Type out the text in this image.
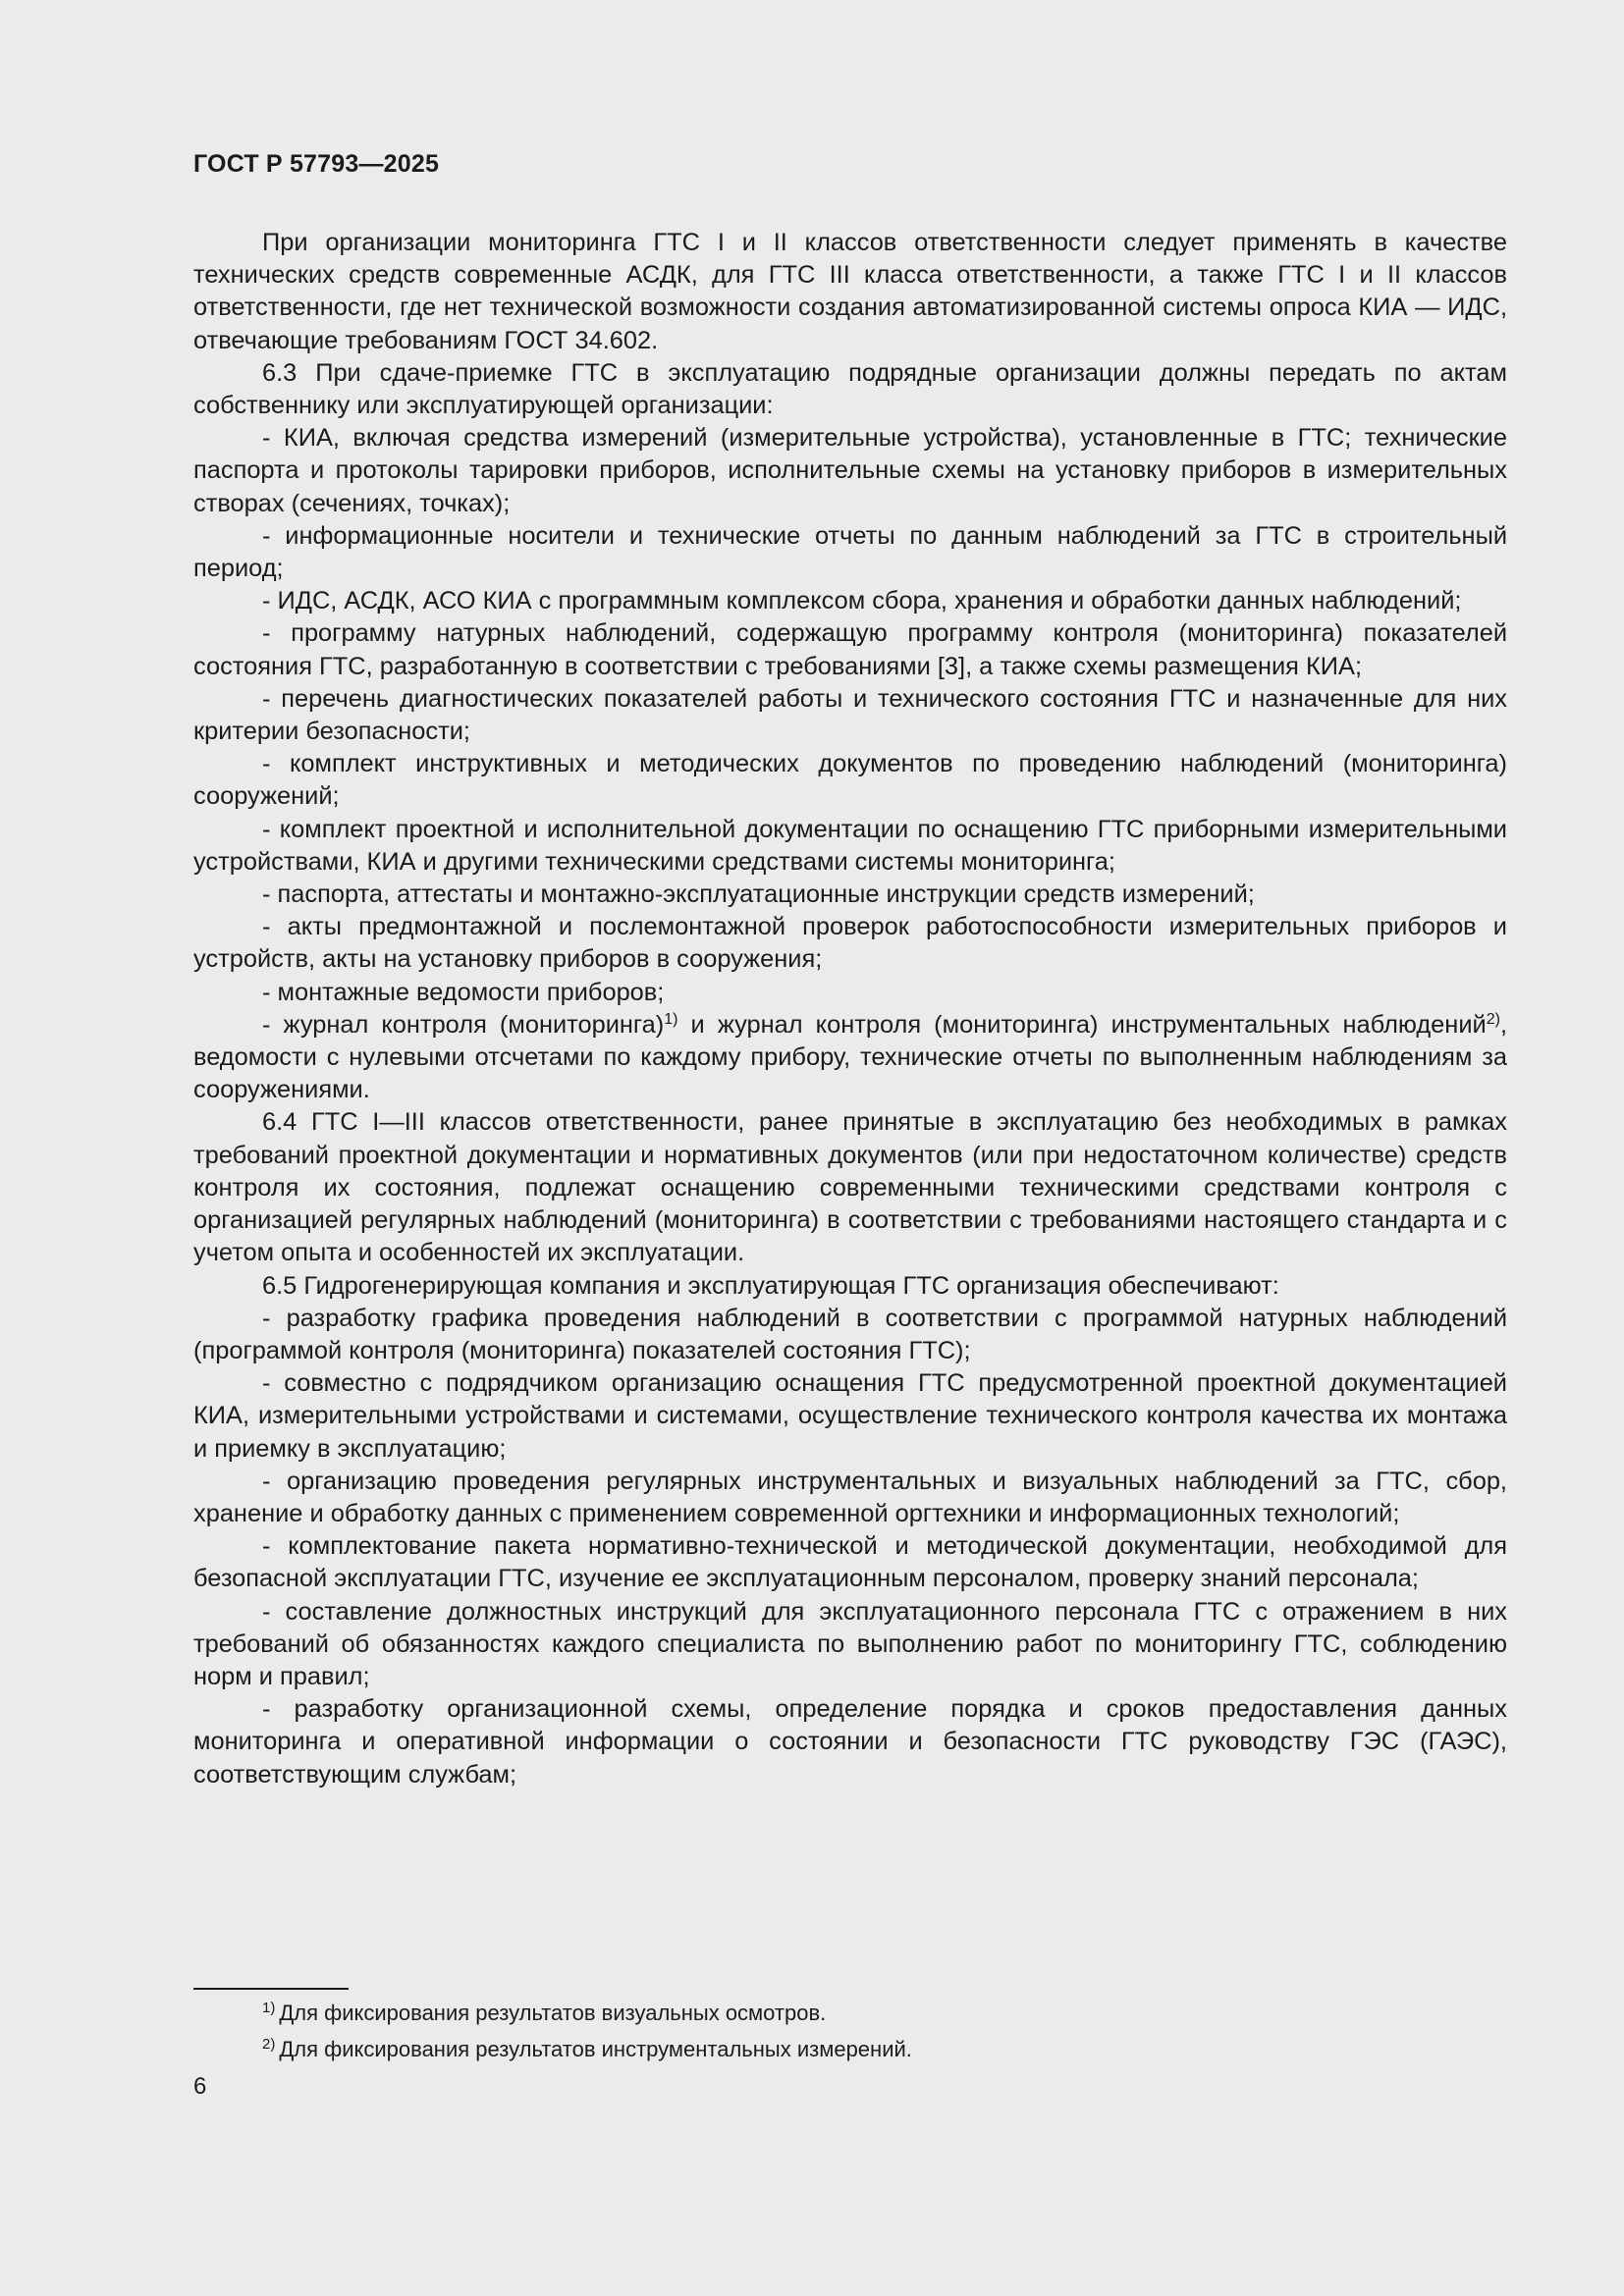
ГОСТ Р 57793—2025

При организации мониторинга ГТС I и II классов ответственности следует применять в качестве технических средств современные АСДК, для ГТС III класса ответственности, а также ГТС I и II классов ответственности, где нет технической возможности создания автоматизированной системы опроса КИА — ИДС, отвечающие требованиям ГОСТ 34.602.

6.3 При сдаче-приемке ГТС в эксплуатацию подрядные организации должны передать по актам собственнику или эксплуатирующей организации:

- КИА, включая средства измерений (измерительные устройства), установленные в ГТС; технические паспорта и протоколы тарировки приборов, исполнительные схемы на установку приборов в измерительных створах (сечениях, точках);

- информационные носители и технические отчеты по данным наблюдений за ГТС в строительный период;

- ИДС, АСДК, АСО КИА с программным комплексом сбора, хранения и обработки данных наблюдений;

- программу натурных наблюдений, содержащую программу контроля (мониторинга) показателей состояния ГТС, разработанную в соответствии с требованиями [3], а также схемы размещения КИА;

- перечень диагностических показателей работы и технического состояния ГТС и назначенные для них критерии безопасности;

- комплект инструктивных и методических документов по проведению наблюдений (мониторинга) сооружений;

- комплект проектной и исполнительной документации по оснащению ГТС приборными измерительными устройствами, КИА и другими техническими средствами системы мониторинга;

- паспорта, аттестаты и монтажно-эксплуатационные инструкции средств измерений;

- акты предмонтажной и послемонтажной проверок работоспособности измерительных приборов и устройств, акты на установку приборов в сооружения;

- монтажные ведомости приборов;

- журнал контроля (мониторинга)$^{1)}$ и журнал контроля (мониторинга) инструментальных наблюдений$^{2)}$, ведомости с нулевыми отсчетами по каждому прибору, технические отчеты по выполненным наблюдениям за сооружениями.

6.4 ГТС I—III классов ответственности, ранее принятые в эксплуатацию без необходимых в рамках требований проектной документации и нормативных документов (или при недостаточном количестве) средств контроля их состояния, подлежат оснащению современными техническими средствами контроля с организацией регулярных наблюдений (мониторинга) в соответствии с требованиями настоящего стандарта и с учетом опыта и особенностей их эксплуатации.

6.5 Гидрогенерирующая компания и эксплуатирующая ГТС организация обеспечивают:

- разработку графика проведения наблюдений в соответствии с программой натурных наблюдений (программой контроля (мониторинга) показателей состояния ГТС);

- совместно с подрядчиком организацию оснащения ГТС предусмотренной проектной документацией КИА, измерительными устройствами и системами, осуществление технического контроля качества их монтажа и приемку в эксплуатацию;

- организацию проведения регулярных инструментальных и визуальных наблюдений за ГТС, сбор, хранение и обработку данных с применением современной оргтехники и информационных технологий;

- комплектование пакета нормативно-технической и методической документации, необходимой для безопасной эксплуатации ГТС, изучение ее эксплуатационным персоналом, проверку знаний персонала;

- составление должностных инструкций для эксплуатационного персонала ГТС с отражением в них требований об обязанностях каждого специалиста по выполнению работ по мониторингу ГТС, соблюдению норм и правил;

- разработку организационной схемы, определение порядка и сроков предоставления данных мониторинга и оперативной информации о состоянии и безопасности ГТС руководству ГЭС (ГАЭС), соответствующим службам;

$^{1)}$ Для фиксирования результатов визуальных осмотров.

$^{2)}$ Для фиксирования результатов инструментальных измерений.

6
